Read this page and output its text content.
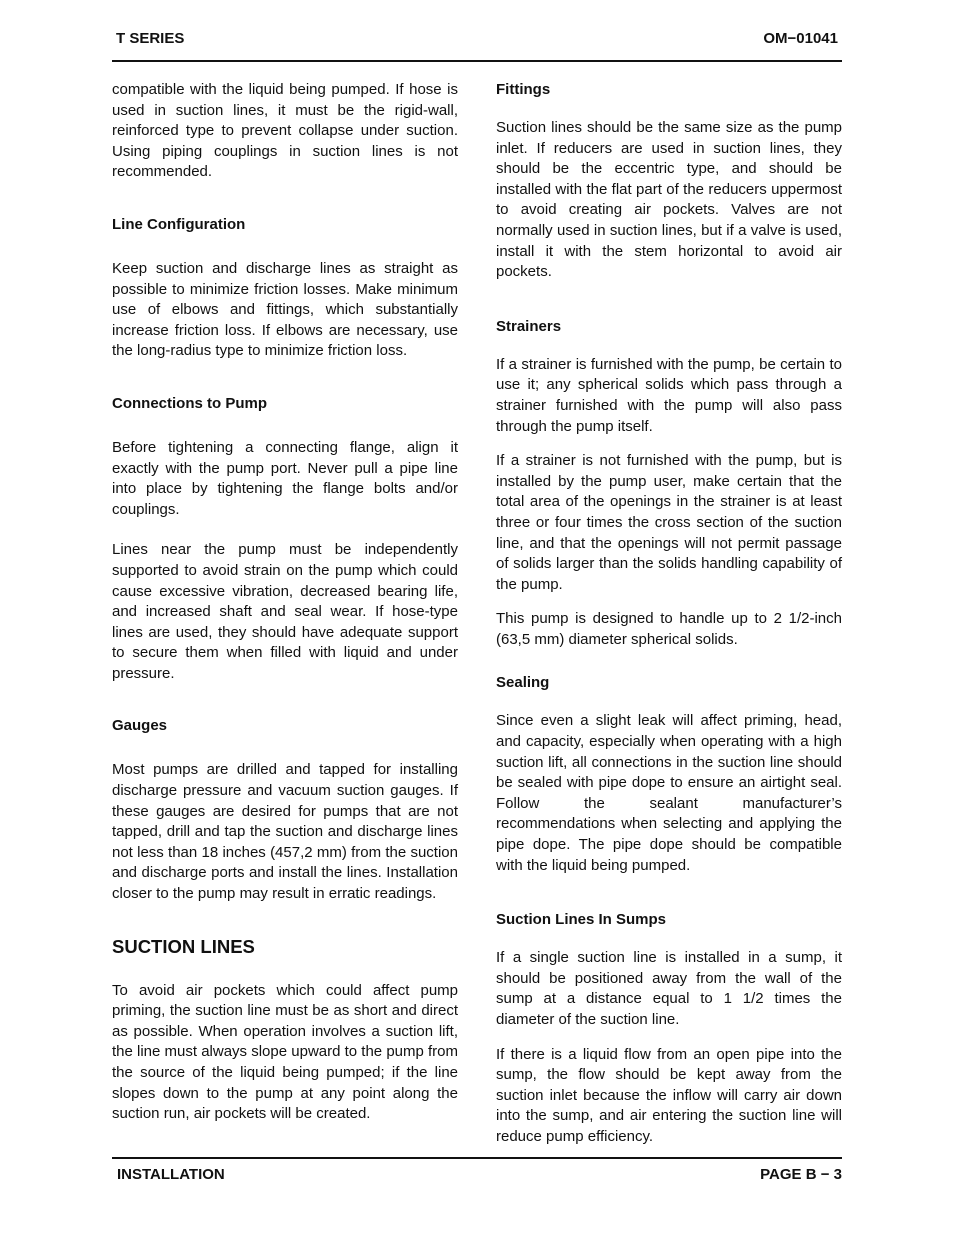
T SERIES	OM−01041

compatible with the liquid being pumped. If hose is used in suction lines, it must be the rigid-wall, reinforced type to prevent collapse under suction. Using piping couplings in suction lines is not recommended.

Line Configuration

Keep suction and discharge lines as straight as possible to minimize friction losses. Make minimum use of elbows and fittings, which substantially increase friction loss. If elbows are necessary, use the long-radius type to minimize friction loss.

Connections to Pump

Before tightening a connecting flange, align it exactly with the pump port. Never pull a pipe line into place by tightening the flange bolts and/or couplings.

Lines near the pump must be independently supported to avoid strain on the pump which could cause excessive vibration, decreased bearing life, and increased shaft and seal wear. If hose-type lines are used, they should have adequate support to secure them when filled with liquid and under pressure.

Gauges

Most pumps are drilled and tapped for installing discharge pressure and vacuum suction gauges. If these gauges are desired for pumps that are not tapped, drill and tap the suction and discharge lines not less than 18 inches (457,2 mm) from the suction and discharge ports and install the lines. Installation closer to the pump may result in erratic readings.

SUCTION LINES

To avoid air pockets which could affect pump priming, the suction line must be as short and direct as possible. When operation involves a suction lift, the line must always slope upward to the pump from the source of the liquid being pumped; if the line slopes down to the pump at any point along the suction run, air pockets will be created.

Fittings

Suction lines should be the same size as the pump inlet. If reducers are used in suction lines, they should be the eccentric type, and should be installed with the flat part of the reducers uppermost to avoid creating air pockets. Valves are not normally used in suction lines, but if a valve is used, install it with the stem horizontal to avoid air pockets.

Strainers

If a strainer is furnished with the pump, be certain to use it; any spherical solids which pass through a strainer furnished with the pump will also pass through the pump itself.

If a strainer is not furnished with the pump, but is installed by the pump user, make certain that the total area of the openings in the strainer is at least three or four times the cross section of the suction line, and that the openings will not permit passage of solids larger than the solids handling capability of the pump.

This pump is designed to handle up to 2 1/2-inch (63,5 mm) diameter spherical solids.

Sealing

Since even a slight leak will affect priming, head, and capacity, especially when operating with a high suction lift, all connections in the suction line should be sealed with pipe dope to ensure an airtight seal. Follow the sealant manufacturer’s recommendations when selecting and applying the pipe dope. The pipe dope should be compatible with the liquid being pumped.

Suction Lines In Sumps

If a single suction line is installed in a sump, it should be positioned away from the wall of the sump at a distance equal to 1 1/2 times the diameter of the suction line.

If there is a liquid flow from an open pipe into the sump, the flow should be kept away from the suction inlet because the inflow will carry air down into the sump, and air entering the suction line will reduce pump efficiency.

INSTALLATION	PAGE B − 3
